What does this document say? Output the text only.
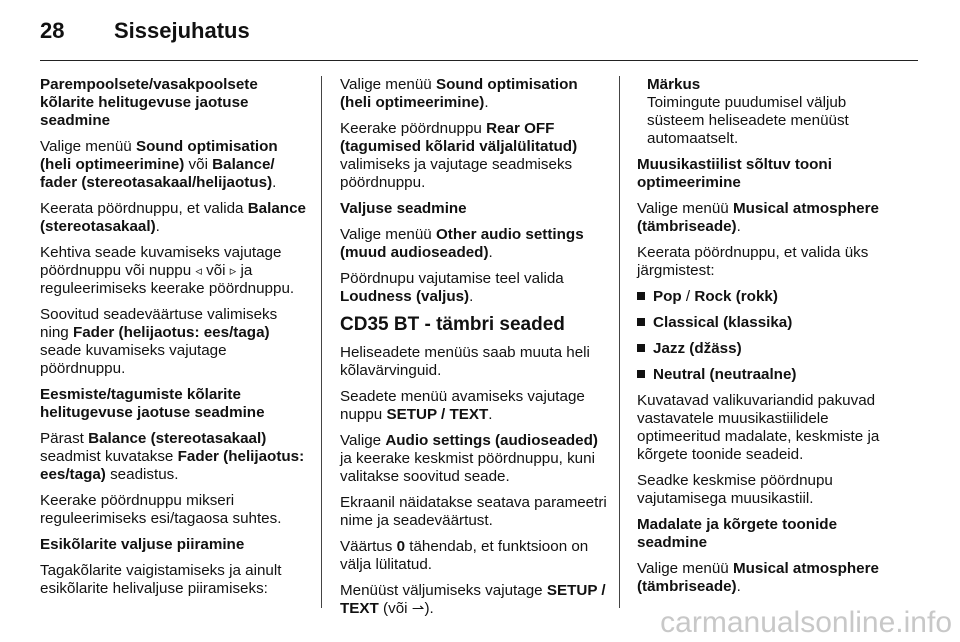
28 Sissejuhatus

Parempoolsete/vasakpoolsete kõlarite helitugevuse jaotuse seadmine

Valige menüü Sound optimisation (heli optimeerimine) või Balance/ fader (stereotasakaal/helijaotus).

Keerata pöördnuppu, et valida Balance (stereotasakaal).

Kehtiva seade kuvamiseks vajutage pöördnuppu või nuppu ◃ või ▹ ja reguleerimiseks keerake pöördnuppu.

Soovitud seadeväärtuse valimiseks ning Fader (helijaotus: ees/taga) seade kuvamiseks vajutage pöördnuppu.

Eesmiste/tagumiste kõlarite helitugevuse jaotuse seadmine

Pärast Balance (stereotasakaal) seadmist kuvatakse Fader (helijaotus: ees/taga) seadistus.

Keerake pöördnuppu mikseri reguleerimiseks esi/tagaosa suhtes.

Esikõlarite valjuse piiramine

Tagakõlarite vaigistamiseks ja ainult esikõlarite helivaljuse piiramiseks:

Valige menüü Sound optimisation (heli optimeerimine).

Keerake pöördnuppu Rear OFF (tagumised kõlarid väljalülitatud) valimiseks ja vajutage seadmiseks pöördnuppu.

Valjuse seadmine

Valige menüü Other audio settings (muud audioseaded).

Pöördnupu vajutamise teel valida Loudness (valjus).

CD35 BT - tämbri seaded

Heliseadete menüüs saab muuta heli kõlavärvinguid.

Seadete menüü avamiseks vajutage nuppu SETUP / TEXT.

Valige Audio settings (audioseaded) ja keerake keskmist pöördnuppu, kuni valitakse soovitud seade.

Ekraanil näidatakse seatava parameetri nime ja seadeväärtust.

Väärtus 0 tähendab, et funktsioon on välja lülitatud.

Menüüst väljumiseks vajutage SETUP / TEXT (või ⇀).

Märkus
Toimingute puudumisel väljub süsteem heliseadete menüüst automaatselt.

Muusikastiilist sõltuv tooni optimeerimine

Valige menüü Musical atmosphere (tämbriseade).

Keerata pöördnuppu, et valida üks järgmistest:

Pop / Rock (rokk)
Classical (klassika)
Jazz (džäss)
Neutral (neutraalne)

Kuvatavad valikuvariandid pakuvad vastavatele muusikastiilidele optimeeritud madalate, keskmiste ja kõrgete toonide seadeid.

Seadke keskmise pöördnupu vajutamisega muusikastiil.

Madalate ja kõrgete toonide seadmine

Valige menüü Musical atmosphere (tämbriseade).

carmanualsonline.info
